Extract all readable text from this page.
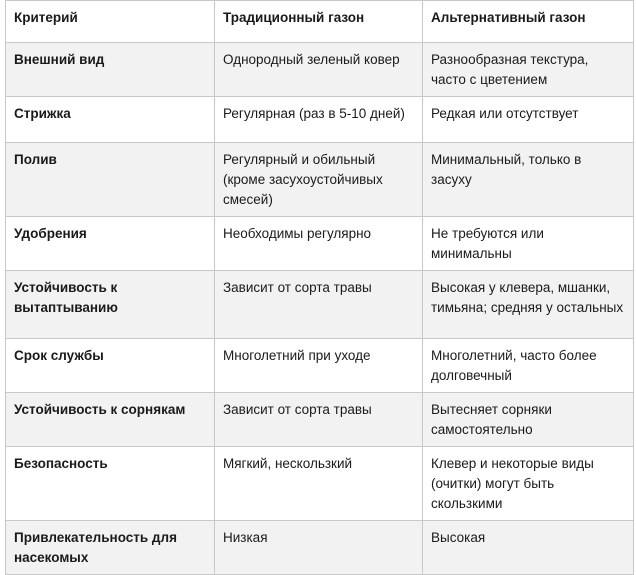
Критерий	Традиционный газон	Альтернативный газон
Внешний вид	Однородный зеленый ковер	Разнообразная текстура, часто с цветением
Стрижка	Регулярная (раз в 5-10 дней)	Редкая или отсутствует
Полив	Регулярный и обильный (кроме засухоустойчивых смесей)	Минимальный, только в засуху
Удобрения	Необходимы регулярно	Не требуются или минимальны
Устойчивость к вытаптыванию	Зависит от сорта травы	Высокая у клевера, мшанки, тимьяна; средняя у остальных
Срок службы	Многолетний при уходе	Многолетний, часто более долговечный
Устойчивость к сорнякам	Зависит от сорта травы	Вытесняет сорняки самостоятельно
Безопасность	Мягкий, нескользкий	Клевер и некоторые виды (очитки) могут быть скользкими
Привлекательность для насекомых	Низкая	Высокая
